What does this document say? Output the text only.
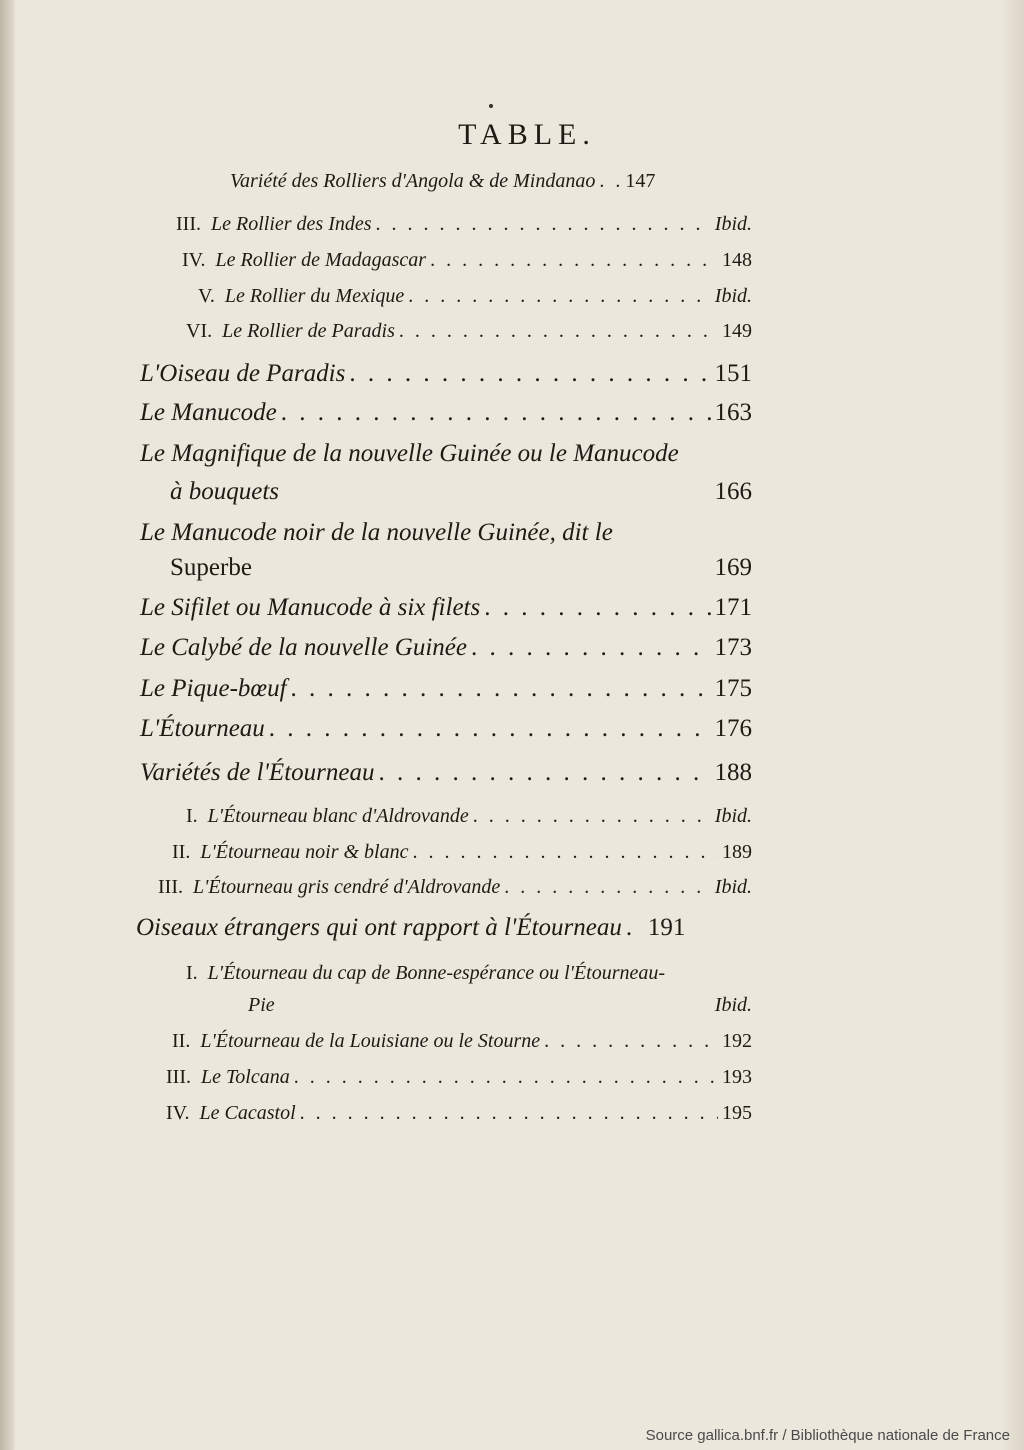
TABLE.
Variété des Rolliers d'Angola & de Mindanao . . . 147
III. Le Rollier des Indes . . .	Ibid.
IV. Le Rollier de Madagascar . . .	148
V. Le Rollier du Mexique . . .	Ibid.
VI. Le Rollier de Paradis . . .	149
L'Oiseau de Paradis . . .	151
Le Manucode . . .	163
Le Magnifique de la nouvelle Guinée ou le Manucode
à bouquets	166
Le Manucode noir de la nouvelle Guinée, dit le
Superbe	169
Le Sifilet ou Manucode à six filets . . .	171
Le Calybé de la nouvelle Guinée . . .	173
Le Pique-bœuf . . .	175
L'Étourneau . . .	176
Variétés de l'Étourneau . . .	188
I. L'Étourneau blanc d'Aldrovande . . .	Ibid.
II. L'Étourneau noir & blanc . . .	189
III. L'Étourneau gris cendré d'Aldrovande . . .	Ibid.
Oiseaux étrangers qui ont rapport à l'Étourneau . . . 191
I. L'Étourneau du cap de Bonne-espérance ou l'Étourneau-
Pie	Ibid.
II. L'Étourneau de la Louisiane ou le Stourne . . .	192
III. Le Tolcana . . .	193
IV. Le Cacastol . . .	195
Source gallica.bnf.fr / Bibliothèque nationale de France
